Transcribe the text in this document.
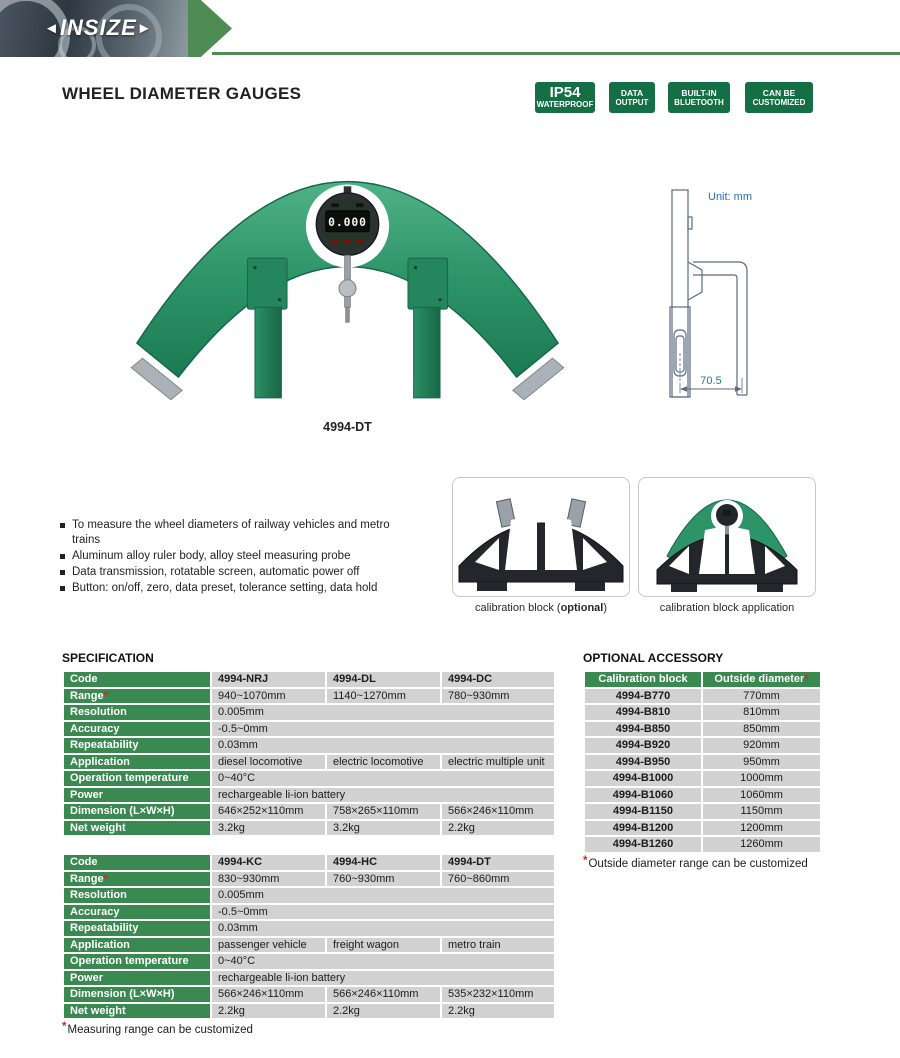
◄INSIZE►
WHEEL DIAMETER GAUGES	IP54
WATERPROOF
DATA
OUTPUT
BUILT-IN
BLUETOOTH
CAN BE
CUSTOMIZED
0.000
4994-DT
Unit: mm
70.5
To measure the wheel diameters of railway vehicles and metro trains
Aluminum alloy ruler body, alloy steel measuring probe
Data transmission, rotatable screen, automatic power off
Button: on/off, zero, data preset, tolerance setting, data hold
calibration block (optional)	calibration block application
SPECIFICATION
Code	4994-NRJ	4994-DL	4994-DC
Range*	940~1070mm	1140~1270mm	780~930mm
Resolution	0.005mm		
Accuracy	-0.5~0mm		
Repeatability	0.03mm		
Application	diesel locomotive	electric locomotive	electric multiple unit
Operation temperature	0~40°C		
Power	rechargeable li-ion battery		
Dimension (L×W×H)	646×252×110mm	758×265×110mm	566×246×110mm
Net weight	3.2kg	3.2kg	2.2kg
Code	4994-KC	4994-HC	4994-DT
Range*	830~930mm	760~930mm	760~860mm
Resolution	0.005mm		
Accuracy	-0.5~0mm		
Repeatability	0.03mm		
Application	passenger vehicle	freight wagon	metro train
Operation temperature	0~40°C		
Power	rechargeable li-ion battery		
Dimension (L×W×H)	566×246×110mm	566×246×110mm	535×232×110mm
Net weight	2.2kg	2.2kg	2.2kg
*Measuring range can be customized
OPTIONAL ACCESSORY
Calibration block	Outside diameter*
4994-B770	770mm
4994-B810	810mm
4994-B850	850mm
4994-B920	920mm
4994-B950	950mm
4994-B1000	1000mm
4994-B1060	1060mm
4994-B1150	1150mm
4994-B1200	1200mm
4994-B1260	1260mm
*Outside diameter range can be customized
